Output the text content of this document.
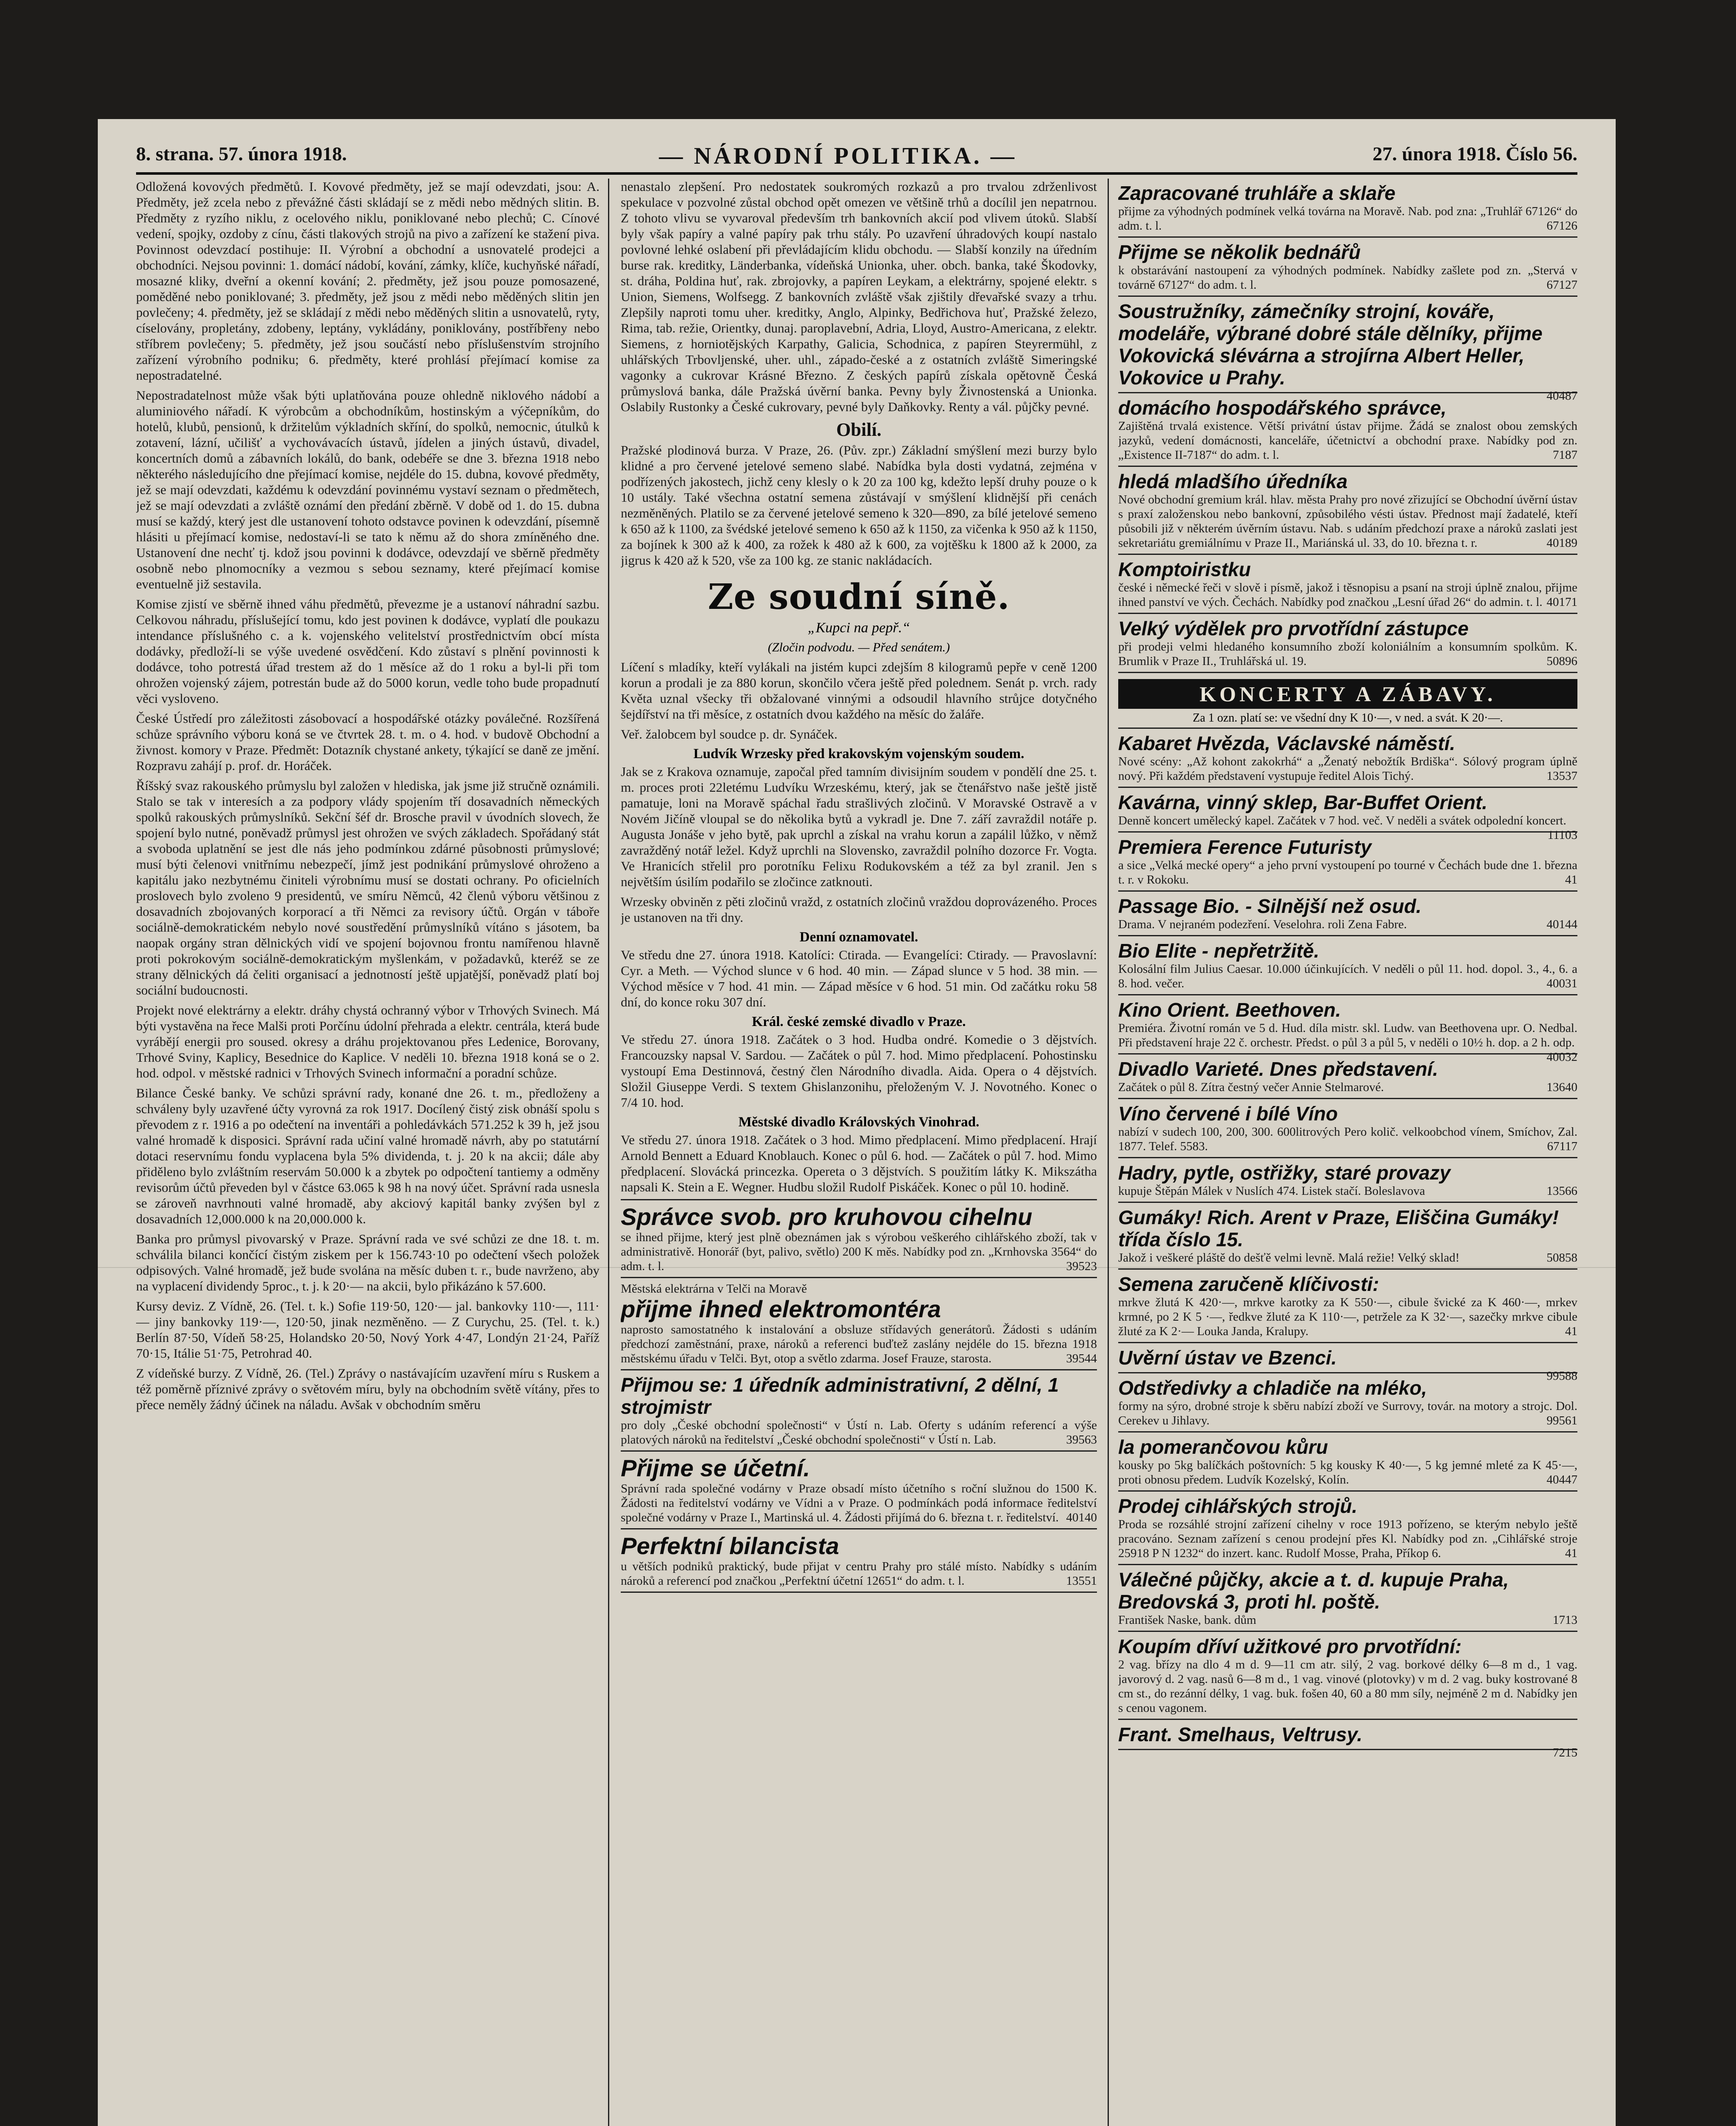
8. strana. 57. února 1918.	— NÁRODNÍ POLITIKA. —	27. února 1918. Číslo 56.

Odložená kovových předmětů. I. Kovové předměty, jež se mají odevzdati, jsou: A. Předměty, jež zcela nebo z převážné části skládají se z mědi nebo mědných slitin. B. Předměty z ryzího niklu, z ocelového niklu, poniklované nebo plechů; C. Cínové vedení, spojky, ozdoby z cínu, části tlakových strojů na pivo a zařízení ke stažení piva. Povinnost odevzdací postihuje: II. Výrobní a obchodní a usnovatelé prodejci a obchodníci. Nejsou povinni: 1. domácí nádobí, kování, zámky, klíče, kuchyňské nářadí, mosazné kliky, dveřní a okenní kování; 2. předměty, jež jsou pouze pomosazené, poměděné nebo poniklované; 3. předměty, jež jsou z mědi nebo měděných slitin jen povlečeny; 4. předměty, jež se skládají z mědi nebo měděných slitin a usnovatelů, ryty, císelovány, propletány, zdobeny, leptány, vykládány, poniklovány, postříbřeny nebo stříbrem povlečeny; 5. předměty, jež jsou součástí nebo příslušenstvím strojního zařízení výrobního podniku; 6. předměty, které prohlásí přejímací komise za nepostradatelné.

Nepostradatelnost může však býti uplatňována pouze ohledně niklového nádobí a aluminiového nářadí. K výrobcům a obchodníkům, hostinským a výčepníkům, do hotelů, klubů, pensionů, k držitelům výkladních skříní, do spolků, nemocnic, útulků k zotavení, lázní, učilišť a vychovávacích ústavů, jídelen a jiných ústavů, divadel, koncertních domů a zábavních lokálů, do bank, odebéře se dne 3. března 1918 nebo některého následujícího dne přejímací komise, nejdéle do 15. dubna, kovové předměty, jež se mají odevzdati, každému k odevzdání povinnému vystaví seznam o předmětech, jež se mají odevzdati a zvláště oznámí den předání zběrně. V době od 1. do 15. dubna musí se každý, který jest dle ustanovení tohoto odstavce povinen k odevzdání, písemně hlásiti u přejímací komise, nedostaví-li se tato k němu až do shora zmíněného dne. Ustanovení dne nechť tj. kdož jsou povinni k dodávce, odevzdají ve sběrně předměty osobně nebo plnomocníky a vezmou s sebou seznamy, které přejímací komise eventuelně již sestavila.

Komise zjistí ve sběrně ihned váhu předmětů, převezme je a ustanoví náhradní sazbu. Celkovou náhradu, příslušející tomu, kdo jest povinen k dodávce, vyplatí dle poukazu intendance příslušného c. a k. vojenského velitelství prostřednictvím obcí místa dodávky, předloží-li se výše uvedené osvědčení. Kdo zůstaví s plnění povinnosti k dodávce, toho potrestá úřad trestem až do 1 měsíce až do 1 roku a byl-li při tom ohrožen vojenský zájem, potrestán bude až do 5000 korun, vedle toho bude propadnutí věci vysloveno.

České Ústředí pro záležitosti zásobovací a hospodářské otázky poválečné. Rozšířená schůze správního výboru koná se ve čtvrtek 28. t. m. o 4. hod. v budově Obchodní a živnost. komory v Praze. Předmět: Dotazník chystané ankety, týkající se daně ze jmění. Rozpravu zahájí p. prof. dr. Horáček.

Říšský svaz rakouského průmyslu byl založen v hlediska, jak jsme již stručně oznámili. Stalo se tak v interesích a za podpory vlády spojením tří dosavadních německých spolků rakouských průmyslníků. Sekční šéf dr. Brosche pravil v úvodních slovech, že spojení bylo nutné, poněvadž průmysl jest ohrožen ve svých základech. Spořádaný stát a svoboda uplatnění se jest dle nás jeho podmínkou zdárné působnosti průmyslové; musí býti čelenovi vnitřnímu nebezpečí, jímž jest podnikání průmyslové ohroženo a kapitálu jako nezbytnému činiteli výrobnímu musí se dostati ochrany. Po oficielních proslovech bylo zvoleno 9 presidentů, ve smíru Němců, 42 členů výboru většinou z dosavadních zbojovaných korporací a tři Němci za revisory účtů. Orgán v táboře sociálně-demokratickém nebylo nové soustředění průmyslníků vítáno s jásotem, ba naopak orgány stran dělnických vidí ve spojení bojovnou frontu namířenou hlavně proti pokrokovým sociálně-demokratickým myšlenkám, v požadavků, kteréž se ze strany dělnických dá čeliti organisací a jednotností ještě upjatější, poněvadž platí boj sociální budoucnosti.

Projekt nové elektrárny a elektr. dráhy chystá ochranný výbor v Trhových Svinech. Má býti vystavěna na řece Malši proti Porčínu údolní přehrada a elektr. centrála, která bude vyrábějí energii pro soused. okresy a dráhu projektovanou přes Ledenice, Borovany, Trhové Sviny, Kaplicy, Besednice do Kaplice. V neděli 10. března 1918 koná se o 2. hod. odpol. v městské radnici v Trhových Svinech informační a poradní schůze.

Bilance České banky. Ve schůzi správní rady, konané dne 26. t. m., předloženy a schváleny byly uzavřené účty vyrovná za rok 1917. Docílený čistý zisk obnáší spolu s převodem z r. 1916 a po odečtení na inventáři a pohledávkách 571.252 k 39 h, jež jsou valné hromadě k disposici. Správní rada učiní valné hromadě návrh, aby po statutární dotaci reservnímu fondu vyplacena byla 5% dividenda, t. j. 20 k na akcii; dále aby přiděleno bylo zvláštním reservám 50.000 k a zbytek po odpočtení tantiemy a odměny revisorům účtů převeden byl v částce 63.065 k 98 h na nový účet. Správní rada usnesla se zároveň navrhnouti valné hromadě, aby akciový kapitál banky zvýšen byl z dosavadních 12,000.000 k na 20,000.000 k.

Banka pro průmysl pivovarský v Praze. Správní rada ve své schůzi ze dne 18. t. m. schválila bilanci končící čistým ziskem per k 156.743·10 po odečtení všech položek odpisových. Valné hromadě, jež bude svolána na měsíc duben t. r., bude navrženo, aby na vyplacení dividendy 5proc., t. j. k 20·— na akcii, bylo přikázáno k 57.600.

Kursy deviz. Z Vídně, 26. (Tel. t. k.) Sofie 119·50, 120·— jal. bankovky 110·—, 111·— jiny bankovky 119·—, 120·50, jinak nezměněno. — Z Curychu, 25. (Tel. t. k.) Berlín 87·50, Vídeň 58·25, Holandsko 20·50, Nový York 4·47, Londýn 21·24, Paříž 70·15, Itálie 51·75, Petrohrad 40.

Z vídeňské burzy. Z Vídně, 26. (Tel.) Zprávy o nastávajícím uzavření míru s Ruskem a též poměrně příznivé zprávy o světovém míru, byly na obchodním světě vítány, přes to přece neměly žádný účinek na náladu. Avšak v obchodním směru

nenastalo zlepšení. Pro nedostatek soukromých rozkazů a pro trvalou zdrženlivost spekulace v pozvolné zůstal obchod opět omezen ve většině trhů a docílil jen nepatrnou. Z tohoto vlivu se vyvaroval především trh bankovních akcií pod vlivem útoků. Slabší byly však papíry a valné papíry pak trhu stály. Po uzavření úhradových koupí nastalo povlovné lehké oslabení při převládajícím klidu obchodu. — Slabší konzily na úředním burse rak. kreditky, Länderbanka, vídeňská Unionka, uher. obch. banka, také Škodovky, st. dráha, Poldina huť, rak. zbrojovky, a papíren Leykam, a elektrárny, spojené elektr. s Union, Siemens, Wolfsegg. Z bankovních zvláště však zjištily dřevařské svazy a trhu. Zlepšily naproti tomu uher. kreditky, Anglo, Alpinky, Bedřichova huť, Pražské železo, Rima, tab. režie, Orientky, dunaj. paroplavební, Adria, Lloyd, Austro-Americana, z elektr. Siemens, z horniotějských Karpathy, Galicia, Schodnica, z papíren Steyrermühl, z uhlářských Trbovljenské, uher. uhl., západo-české a z ostatních zvláště Simeringské vagonky a cukrovar Krásné Březno. Z českých papírů získala opětovně Česká průmyslová banka, dále Pražská úvěrní banka. Pevny byly Živnostenská a Unionka. Oslabily Rustonky a České cukrovary, pevné byly Daňkovky. Renty a vál. půjčky pevné.

Obilí.

Pražské plodinová burza. V Praze, 26. (Pův. zpr.) Základní smýšlení mezi burzy bylo klidné a pro červené jetelové semeno slabé. Nabídka byla dosti vydatná, zejména v podřízených jakostech, jichž ceny klesly o k 20 za 100 kg, kdežto lepší druhy pouze o k 10 ustály. Také všechna ostatní semena zůstávají v smýšlení klidnější při cenách nezměněných. Platilo se za červené jetelové semeno k 320—890, za bílé jetelové semeno k 650 až k 1100, za švédské jetelové semeno k 650 až k 1150, za vičenka k 950 až k 1150, za bojínek k 300 až k 400, za rožek k 480 až k 600, za vojtěšku k 1800 až k 2000, za jigrus k 420 až k 520, vše za 100 kg. ze stanic nakládacích.

Ze soudní síně.
„Kupci na pepř.“
(Zločin podvodu. — Před senátem.)

Líčení s mladíky, kteří vylákali na jistém kupci zdejším 8 kilogramů pepře v ceně 1200 korun a prodali je za 880 korun, skončilo včera ještě před polednem. Senát p. vrch. rady Květa uznal všecky tři obžalované vinnými a odsoudil hlavního strůjce dotyčného šejdířství na tři měsíce, z ostatních dvou každého na měsíc do žaláře.

Veř. žalobcem byl soudce p. dr. Synáček.

Ludvík Wrzesky před krakovským vojenským soudem.

Jak se z Krakova oznamuje, započal před tamním divisijním soudem v pondělí dne 25. t. m. proces proti 22letému Ludvíku Wrzeskému, který, jak se čtenářstvo naše ještě jistě pamatuje, loni na Moravě spáchal řadu strašlivých zločinů. V Moravské Ostravě a v Novém Jičíně vloupal se do několika bytů a vykradl je. Dne 7. září zavraždil notáře p. Augusta Jonáše v jeho bytě, pak uprchl a získal na vrahu korun a zapálil lůžko, v němž zavražděný notář ležel. Když uprchli na Slovensko, zavraždil polního dozorce Fr. Vogta. Ve Hranicích střelil pro porotníku Felixu Rodukovském a též za byl zranil. Jen s největším úsilím podařilo se zločince zatknouti.

Wrzesky obviněn z pěti zločinů vražd, z ostatních zločinů vraždou doprovázeného. Proces je ustanoven na tři dny.

Denní oznamovatel.

Ve středu dne 27. února 1918. Katolíci: Ctirada. — Evangelíci: Ctirady. — Pravoslavní: Cyr. a Meth. — Východ slunce v 6 hod. 40 min. — Západ slunce v 5 hod. 38 min. — Východ měsíce v 7 hod. 41 min. — Západ měsíce v 6 hod. 51 min. Od začátku roku 58 dní, do konce roku 307 dní.

Král. české zemské divadlo v Praze.

Ve středu 27. února 1918. Začátek o 3 hod. Hudba ondré. Komedie o 3 dějstvích. Francouzsky napsal V. Sardou. — Začátek o půl 7. hod. Mimo předplacení. Pohostinsku vystoupí Ema Destinnová, čestný člen Národního divadla. Aida. Opera o 4 dějstvích. Složil Giuseppe Verdi. S textem Ghislanzonihu, přeloženým V. J. Novotného. Konec o 7/4 10. hod.

Městské divadlo Královských Vinohrad.

Ve středu 27. února 1918. Začátek o 3 hod. Mimo předplacení. Mimo předplacení. Hrají Arnold Bennett a Eduard Knoblauch. Konec o půl 6. hod. — Začátek o půl 7. hod. Mimo předplacení. Slovácká princezka. Opereta o 3 dějstvích. S použitím látky K. Mikszátha napsali K. Stein a E. Wegner. Hudbu složil Rudolf Piskáček. Konec o půl 10. hodině.

Správce svob. pro kruhovou cihelnu

se ihned přijme, který jest plně obeznámen jak s výrobou veškerého cihlářského zboží, tak v administrativě. Honorář (byt, palivo, světlo) 200 K měs. Nabídky pod zn. „Krnhovska 3564“ do adm. t. l.	39523

Městská elektrárna v Telči na Moravě

přijme ihned elektromontéra

naprosto samostatného k instalování a obsluze střídavých generátorů. Žádosti s udáním předchozí zaměstnání, praxe, nároků a referenci buďtež zaslány nejdéle do 15. března 1918 městskému úřadu v Telči. Byt, otop a světlo zdarma. Josef Frauze, starosta.	39544

Přijmou se: 1 úředník administrativní, 2 dělní, 1 strojmistr

pro doly „České obchodní společnosti“ v Ústí n. Lab. Oferty s udáním referencí a výše platových nároků na ředitelství „České obchodní společnosti“ v Ústí n. Lab.	39563

Přijme se účetní.

Správní rada společné vodárny v Praze obsadí místo účetního s roční služnou do 1500 K. Žádosti na ředitelství vodárny ve Vídni a v Praze. O podmínkách podá informace ředitelství společné vodárny v Praze I., Martinská ul. 4. Žádosti přijímá do 6. března t. r. ředitelství. 40140

Perfektní bilancista

u větších podniků praktický, bude přijat v centru Prahy pro stálé místo. Nabídky s udáním nároků a referencí pod značkou „Perfektní účetní 12651“ do adm. t. l.	13551

Zapracované truhláře a sklaře

přijme za výhodných podmínek velká továrna na Moravě. Nab. pod zna: „Truhlář 67126“ do adm. t. l.	67126

Přijme se několik bednářů

k obstarávání nastoupení za výhodných podmínek. Nabídky zašlete pod zn. „Stervá v továrně 67127“ do adm. t. l.	67127

Soustružníky, zámečníky strojní, kováře, modeláře, výbrané dobré stále dělníky, přijme Vokovická slévárna a strojírna Albert Heller, Vokovice u Prahy.

40487

domácího hospodářského správce,

Zajištěná trvalá existence. Větší privátní ústav přijme. Žádá se znalost obou zemských jazyků, vedení domácnosti, kanceláře, účetnictví a obchodní praxe. Nabídky pod zn. „Existence II-7187“ do adm. t. l.	7187

hledá mladšího úředníka

Nové obchodní gremium král. hlav. města Prahy pro nové zřizující se Obchodní úvěrní ústav s praxí založenskou nebo bankovní, způsobilého vésti ústav. Přednost mají žadatelé, kteří působili již v některém úvěrním ústavu. Nab. s udáním předchozí praxe a nároků zaslati jest sekretariátu gremiálnímu v Praze II., Mariánská ul. 33, do 10. března t. r.	40189

Komptoiristku

české i německé řeči v slově i písmě, jakož i těsnopisu a psaní na stroji úplně znalou, přijme ihned panství ve vých. Čechách. Nabídky pod značkou „Lesní úřad 26“ do admin. t. l. 40171

Velký výdělek pro prvotřídní zástupce

při prodeji velmi hledaného konsumního zboží koloniálním a konsumním spolkům. K. Brumlik v Praze II., Truhlářská ul. 19.	50896

KONCERTY A ZÁBAVY.
Za 1 ozn. platí se: ve všední dny K 10·—, v ned. a svát. K 20·—.
Kabaret Hvězda, Václavské náměstí.

Nové scény: „Až kohont zakokrhá“ a „Ženatý nebožtík Brdiška“. Sólový program úplně nový. Při každém představení vystupuje ředitel Alois Tichý.	13537

Kavárna, vinný sklep, Bar-Buffet Orient.

Denně koncert umělecký kapel. Začátek v 7 hod. več. V neděli a svátek odpolední koncert.
11103

Premiera Ference Futuristy

a sice „Velká mecké opery“ a jeho první vystoupení po tourné v Čechách bude dne 1. března t. r. v Rokoku.	41

Passage Bio. - Silnější než osud.

Drama. V nejraném podezření. Veselohra. roli Zena Fabre.	40144

Bio Elite - nepřetržitě.

Kolosální film Julius Caesar. 10.000 účinkujících. V neděli o půl 11. hod. dopol. 3., 4., 6. a 8. hod. večer.	40031

Kino Orient. Beethoven.

Premiéra. Životní román ve 5 d. Hud. díla mistr. skl. Ludw. van Beethovena upr. O. Nedbal. Při představení hraje 22 č. orchestr. Předst. o půl 3 a půl 5, v neděli o 10½ h. dop. a 2 h. odp.
40032

Divadlo Varieté. Dnes představení.

Začátek o půl 8. Zítra čestný večer Annie Stelmarové.	13640

Víno červené i bílé Víno

nabízí v sudech 100, 200, 300. 600litrových Pero količ. velkoobchod vínem, Smíchov, Zal. 1877. Telef. 5583.	67117

Hadry, pytle, ostřižky, staré provazy

kupuje Štěpán Málek v Nuslích 474. Listek stačí. Boleslavova	13566

Gumáky! Rich. Arent v Praze, Eliščina Gumáky! třída číslo 15.

Jakož i veškeré pláště do dešťě velmi levně. Malá režie! Velký sklad!	50858

Semena zaručeně klíčivosti:

mrkve žlutá K 420·—, mrkve karotky za K 550·—, cibule švické za K 460·—, mrkev krmné, po 2 K 5 ·—, ředkve žluté za K 110·—, petržele za K 32·—, sazečky mrkve cibule žluté za K 2·— Louka Janda, Kralupy.	41

Uvěrní ústav ve Bzenci.

99588

Odstředivky a chladiče na mléko,

formy na sýro, drobné stroje k sběru nabízí zboží ve Surrovy, továr. na motory a strojc. Dol. Cerekev u Jihlavy.	99561

la pomerančovou kůru

kousky po 5kg balíčkách poštovních: 5 kg kousky K 40·—, 5 kg jemné mleté za K 45·—, proti obnosu předem. Ludvík Kozelský, Kolín.	40447

Prodej cihlářských strojů.

Proda se rozsáhlé strojní zařízení cihelny v roce 1913 pořízeno, se kterým nebylo ještě pracováno. Seznam zařízení s cenou prodejní přes Kl. Nabídky pod zn. „Cihlářské stroje 25918 P N 1232“ do inzert. kanc. Rudolf Mosse, Praha, Příkop 6.	41

Válečné půjčky, akcie a t. d. kupuje Praha, Bredovská 3, proti hl. poště.

František Naske, bank. dům	1713

Koupím dříví užitkové pro prvotřídní:

2 vag. břízy na dlo 4 m d. 9—11 cm atr. silý, 2 vag. borkové délky 6—8 m d., 1 vag. javorový d. 2 vag. nasů 6—8 m d., 1 vag. vinové (plotovky) v m d. 2 vag. buky kostrované 8 cm st., do rezánní délky, 1 vag. buk. fošen 40, 60 a 80 mm síly, nejméně 2 m d. Nabídky jen s cenou vagonem.

Frant. Smelhaus, Veltrusy.

7215
